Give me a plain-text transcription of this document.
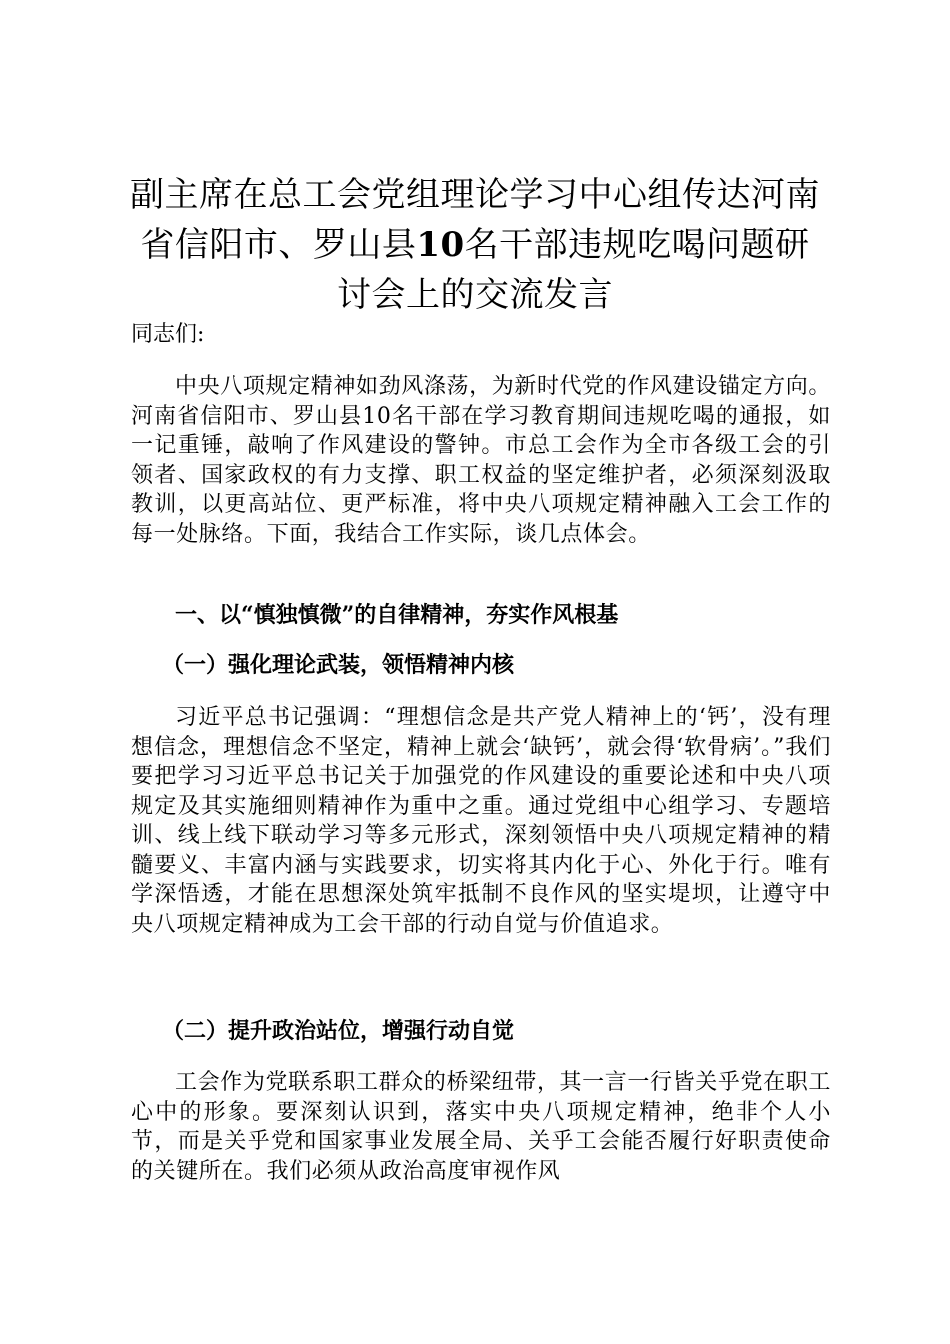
副主席在总工会党组理论学习中心组传达河南
省信阳市、罗山县10名干部违规吃喝问题研
讨会上的交流发言
同志们:

中央八项规定精神如劲风涤荡，为新时代党的作风建设锚定方向。河南省信阳市、罗山县10名干部在学习教育期间违规吃喝的通报，如一记重锤，敲响了作风建设的警钟。市总工会作为全市各级工会的引领者、国家政权的有力支撑、职工权益的坚定维护者，必须深刻汲取教训，以更高站位、更严标准，将中央八项规定精神融入工会工作的每一处脉络。下面，我结合工作实际，谈几点体会。

一、以“慎独慎微”的自律精神，夯实作风根基
（一）强化理论武装，领悟精神内核

习近平总书记强调：“理想信念是共产党人精神上的‘钙’，没有理想信念，理想信念不坚定，精神上就会‘缺钙’，就会得‘软骨病’。”我们要把学习习近平总书记关于加强党的作风建设的重要论述和中央八项规定及其实施细则精神作为重中之重。通过党组中心组学习、专题培训、线上线下联动学习等多元形式，深刻领悟中央八项规定精神的精髓要义、丰富内涵与实践要求，切实将其内化于心、外化于行。唯有学深悟透，才能在思想深处筑牢抵制不良作风的坚实堤坝，让遵守中央八项规定精神成为工会干部的行动自觉与价值追求。

（二）提升政治站位，增强行动自觉

工会作为党联系职工群众的桥梁纽带，其一言一行皆关乎党在职工心中的形象。要深刻认识到，落实中央八项规定精神，绝非个人小节，而是关乎党和国家事业发展全局、关乎工会能否履行好职责使命的关键所在。我们必须从政治高度审视作风
